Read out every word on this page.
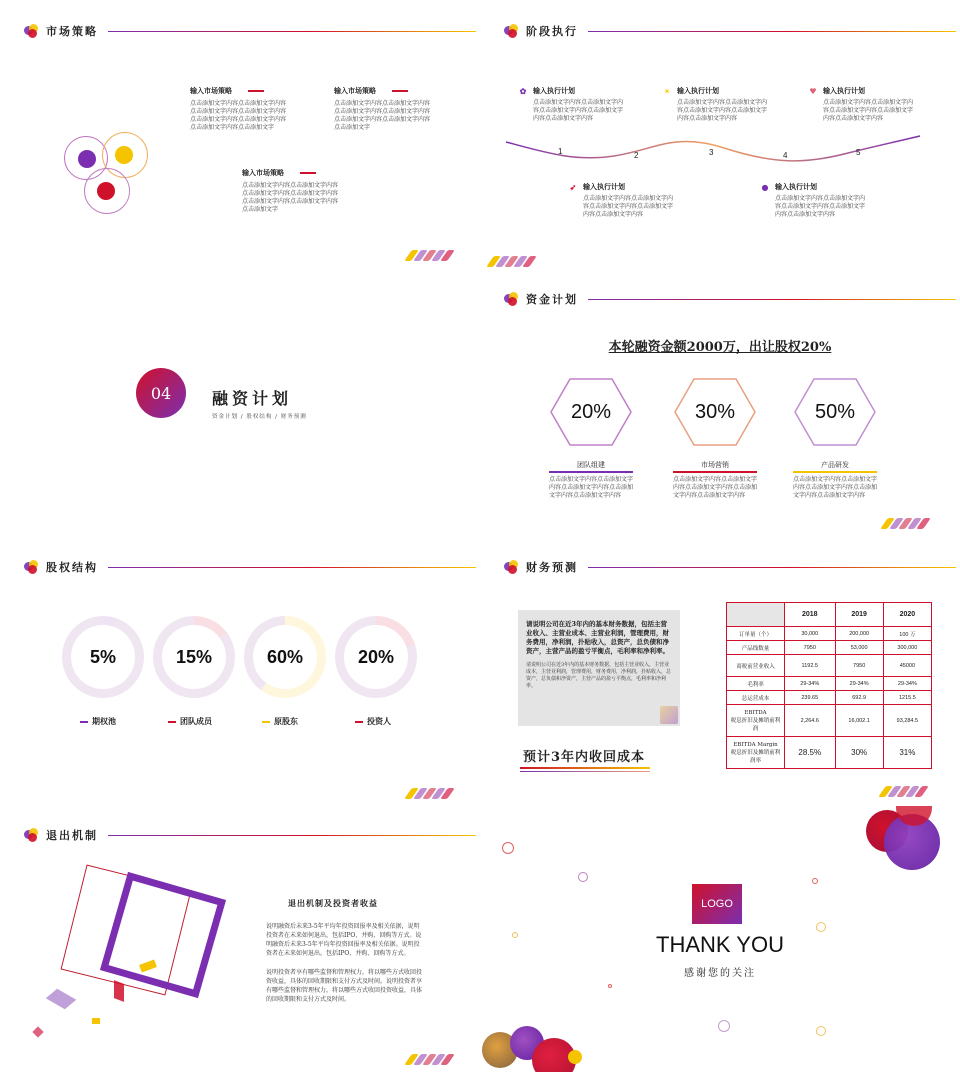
市场策略
输入市场策略
点击添加文字内容点击添加文字内容点击添加文字内容点击添加文字内容点击添加文字内容点击添加文字内容点击添加文字内容点击添加文字
输入市场策略
点击添加文字内容点击添加文字内容点击添加文字内容点击添加文字内容点击添加文字内容点击添加文字内容点击添加文字
输入市场策略
点击添加文字内容点击添加文字内容点击添加文字内容点击添加文字内容点击添加文字内容点击添加文字内容点击添加文字
阶段执行
✿ 输入执行计划
点击添加文字内容点击添加文字内容点击添加文字内容点击添加文字内容点击添加文字内容
☀ 输入执行计划
点击添加文字内容点击添加文字内容点击添加文字内容点击添加文字内容点击添加文字内容
♥ 输入执行计划
点击添加文字内容点击添加文字内容点击添加文字内容点击添加文字内容点击添加文字内容
1	2	3	4	5
➶ 输入执行计划
点击添加文字内容点击添加文字内容点击添加文字内容点击添加文字内容点击添加文字内容
● 输入执行计划
点击添加文字内容点击添加文字内容点击添加文字内容点击添加文字内容点击添加文字内容
04	融资计划
资金计划 / 股权结构 / 财务预测
资金计划
本轮融资金额2000万，出让股权20%
20%	30%	50%
团队组建
点击添加文字内容点击添加文字内容点击添加文字内容点击添加文字内容点击添加文字内容
市场营销
点击添加文字内容点击添加文字内容点击添加文字内容点击添加文字内容点击添加文字内容
产品研发
点击添加文字内容点击添加文字内容点击添加文字内容点击添加文字内容点击添加文字内容
股权结构
5%	15%	60%	20%
期权池	团队成员	原股东	投资人
财务预测
请说明公司在近3年内的基本财务数据，包括主营业收入、主营业成本、主营业利润，管理费用，财务费用，净利润，扑贴收入，总资产，总负债和净资产，主营产品的盈亏平衡点，毛利率和净利率。
请说明公司在近3年内的基本财务数据，包括主营业收入，主营业成本，主营业利润，管理费用，财务费用，净利润，扑贴收入，总资产，总负债和净资产，主营产品的盈亏平衡点，毛利率和净利率。
预计3年内收回成本
	2018	2019	2020
订单量（个）	30,000	200,000	100 万
产品线数量	7950	53,000	300,000
商税前营业收入	1192.5	7950	45000
毛利率	29-34%	29-34%	29-34%
总运营成本	239.65	692.9	1215.5
EBITDA
税息折旧及摊销前利润	2,264.6	16,002.1	93,284.5
EBITDA Margin
税息折旧及摊销前利润率	28.5%	30%	31%
退出机制
退出机制及投资者收益
说明融资后未来3-5年平均年投资回报率及相关依据，说明投资者在未来如何退出，包括IPO、并购、回购等方式。说明融资后未来3-5年平均年投资回报率及相关依据。说明投资者在未来如何退出，包括IPO、并购、回购等方式。
说明投资者享有哪些监督和管理权力，将以哪些方式收回投资收益，具体的回收期限和支付方式及时间。说明投资者享有哪些监督和管理权力，将以哪些方式收回投资收益，具体的回收期限和支付方式及时间。
LOGO
THANK YOU
感谢您的关注
